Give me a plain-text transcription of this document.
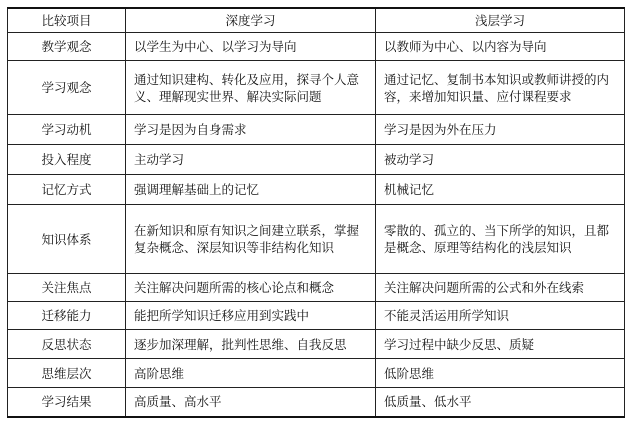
比较项目	深度学习	浅层学习
教学观念	以学生为中心、以学习为导向	以教师为中心、以内容为导向
学习观念	通过知识建构、转化及应用，探寻个人意义、理解现实世界、解决实际问题	通过记忆、复制书本知识或教师讲授的内容，来增加知识量、应付课程要求
学习动机	学习是因为自身需求	学习是因为外在压力
投入程度	主动学习	被动学习
记忆方式	强调理解基础上的记忆	机械记忆
知识体系	在新知识和原有知识之间建立联系，掌握复杂概念、深层知识等非结构化知识	零散的、孤立的、当下所学的知识，且都是概念、原理等结构化的浅层知识
关注焦点	关注解决问题所需的核心论点和概念	关注解决问题所需的公式和外在线索
迁移能力	能把所学知识迁移应用到实践中	不能灵活运用所学知识
反思状态	逐步加深理解，批判性思维、自我反思	学习过程中缺少反思、质疑
思维层次	高阶思维	低阶思维
学习结果	高质量、高水平	低质量、低水平
